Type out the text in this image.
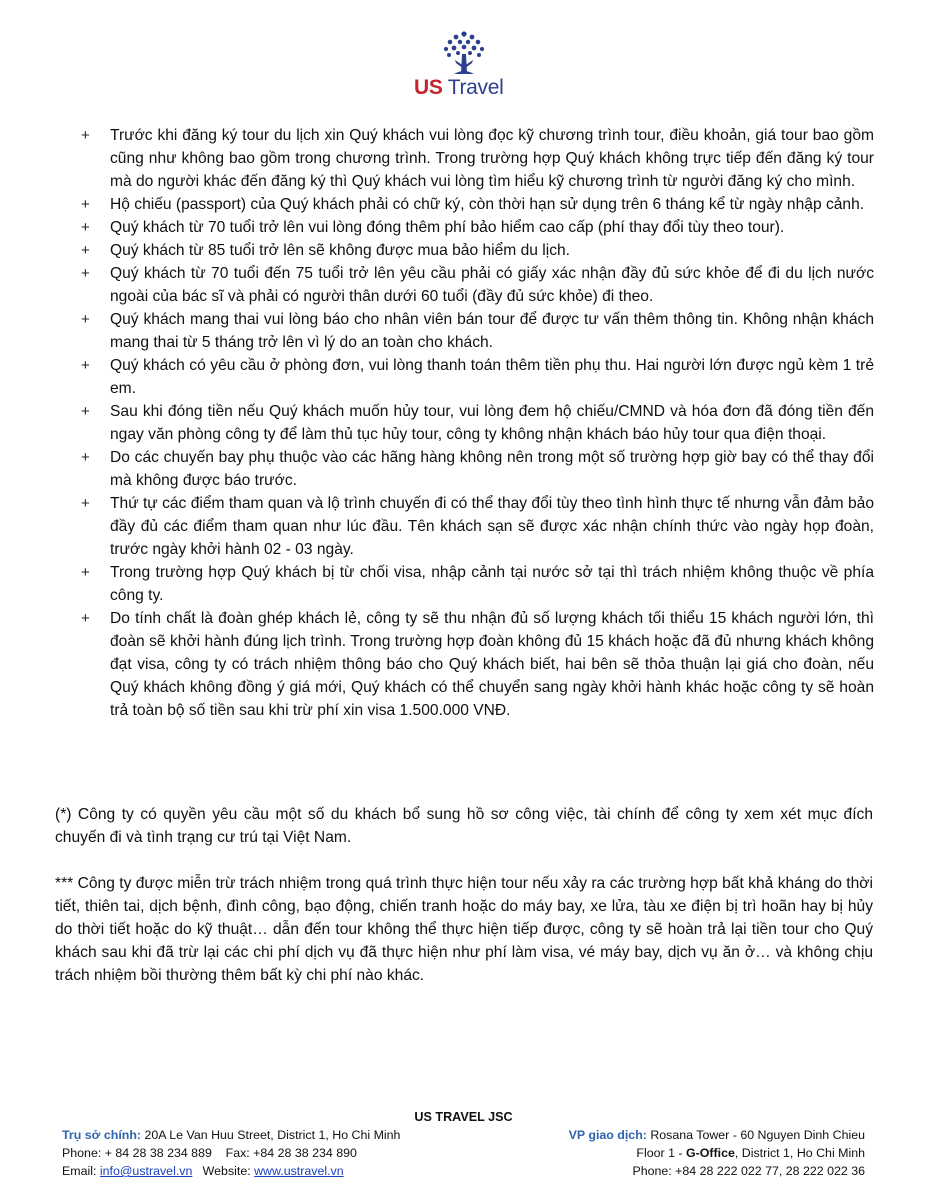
US Travel
+ Trước khi đăng ký tour du lịch xin Quý khách vui lòng đọc kỹ chương trình tour, điều khoản, giá tour bao gồm cũng như không bao gồm trong chương trình. Trong trường hợp Quý khách không trực tiếp đến đăng ký tour mà do người khác đến đăng ký thì Quý khách vui lòng tìm hiểu kỹ chương trình từ người đăng ký cho mình.
+ Hộ chiếu (passport) của Quý khách phải có chữ ký, còn thời hạn sử dụng trên 6 tháng kể từ ngày nhập cảnh.
+ Quý khách từ 70 tuổi trở lên vui lòng đóng thêm phí bảo hiểm cao cấp (phí thay đổi tùy theo tour).
+ Quý khách từ 85 tuổi trở lên sẽ không được mua bảo hiểm du lịch.
+ Quý khách từ 70 tuổi đến 75 tuổi trở lên yêu cầu phải có giấy xác nhận đầy đủ sức khỏe để đi du lịch nước ngoài của bác sĩ và phải có người thân dưới 60 tuổi (đầy đủ sức khỏe) đi theo.
+ Quý khách mang thai vui lòng báo cho nhân viên bán tour để được tư vấn thêm thông tin. Không nhận khách mang thai từ 5 tháng trở lên vì lý do an toàn cho khách.
+ Quý khách có yêu cầu ở phòng đơn, vui lòng thanh toán thêm tiền phụ thu. Hai người lớn được ngủ kèm 1 trẻ em.
+ Sau khi đóng tiền nếu Quý khách muốn hủy tour, vui lòng đem hộ chiếu/CMND và hóa đơn đã đóng tiền đến ngay văn phòng công ty để làm thủ tục hủy tour, công ty không nhận khách báo hủy tour qua điện thoại.
+ Do các chuyến bay phụ thuộc vào các hãng hàng không nên trong một số trường hợp giờ bay có thể thay đổi mà không được báo trước.
+ Thứ tự các điểm tham quan và lộ trình chuyến đi có thể thay đổi tùy theo tình hình thực tế nhưng vẫn đảm bảo đầy đủ các điểm tham quan như lúc đầu. Tên khách sạn sẽ được xác nhận chính thức vào ngày họp đoàn, trước ngày khởi hành 02 - 03 ngày.
+ Trong trường hợp Quý khách bị từ chối visa, nhập cảnh tại nước sở tại thì trách nhiệm không thuộc về phía công ty.
+ Do tính chất là đoàn ghép khách lẻ, công ty sẽ thu nhận đủ số lượng khách tối thiểu 15 khách người lớn, thì đoàn sẽ khởi hành đúng lịch trình. Trong trường hợp đoàn không đủ 15 khách hoặc đã đủ nhưng khách không đạt visa, công ty có trách nhiệm thông báo cho Quý khách biết, hai bên sẽ thỏa thuận lại giá cho đoàn, nếu Quý khách không đồng ý giá mới, Quý khách có thể chuyển sang ngày khởi hành khác hoặc công ty sẽ hoàn trả toàn bộ số tiền sau khi trừ phí xin visa 1.500.000 VNĐ.

(*) Công ty có quyền yêu cầu một số du khách bổ sung hồ sơ công việc, tài chính để công ty xem xét mục đích chuyến đi và tình trạng cư trú tại Việt Nam.

*** Công ty được miễn trừ trách nhiệm trong quá trình thực hiện tour nếu xảy ra các trường hợp bất khả kháng do thời tiết, thiên tai, dịch bệnh, đình công, bạo động, chiến tranh hoặc do máy bay, xe lửa, tàu xe điện bị trì hoãn hay bị hủy do thời tiết hoặc do kỹ thuật… dẫn đến tour không thể thực hiện tiếp được, công ty sẽ hoàn trả lại tiền tour cho Quý khách sau khi đã trừ lại các chi phí dịch vụ đã thực hiện như phí làm visa, vé máy bay, dịch vụ ăn ở… và không chịu trách nhiệm bồi thường thêm bất kỳ chi phí nào khác.

US TRAVEL JSC
Trụ sở chính: 20A Le Van Huu Street, District 1, Ho Chi Minh	VP giao dịch: Rosana Tower - 60 Nguyen Dinh Chieu
Phone: + 84 28 38 234 889    Fax: +84 28 38 234 890	Floor 1 - G-Office, District 1, Ho Chi Minh
Email: info@ustravel.vn   Website: www.ustravel.vn	Phone: +84 28 222 022 77, 28 222 022 36
